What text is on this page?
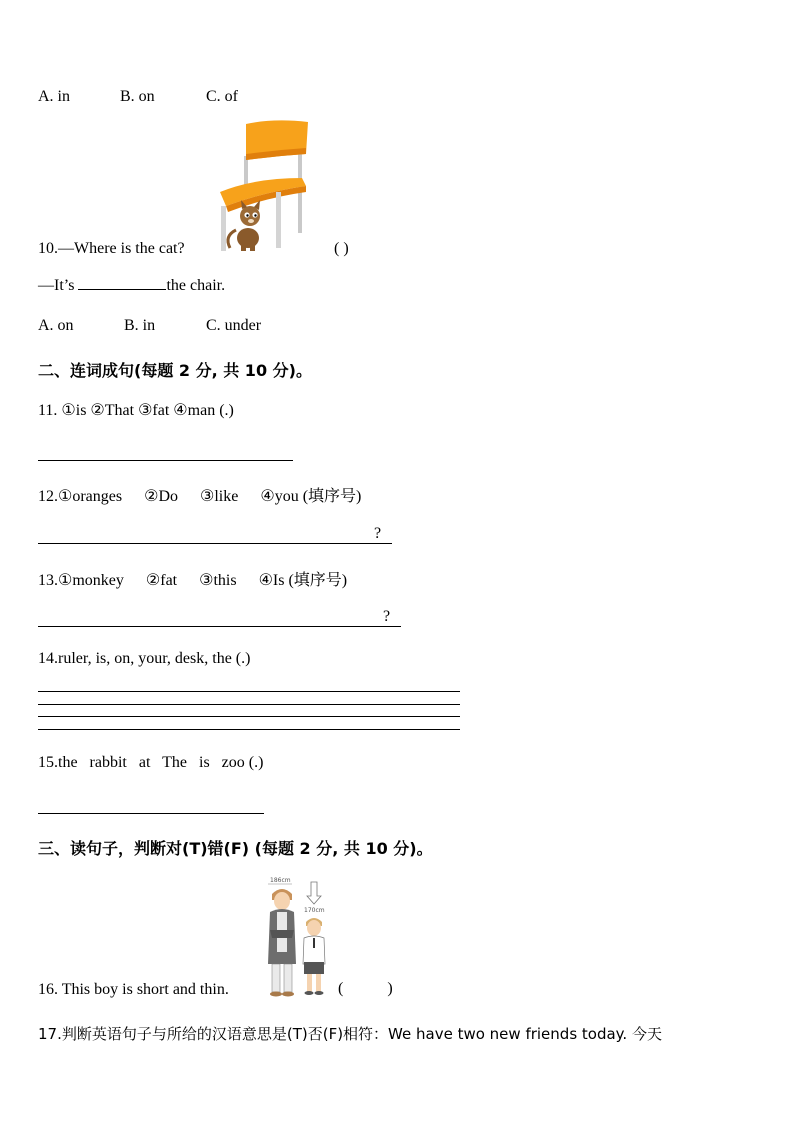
A. in	B. on	C. of
10.—Where is the cat?	( )
—It’s	the chair.
A. on	B. in	C. under
二、连词成句(每题 2 分, 共 10 分)。
11. ①is ②That ③fat ④man (.)
12.①oranges ②Do ③like ④you (填序号)
?
13.①monkey ②fat ③this ④Is (填序号)
?
14.ruler, is, on, your, desk, the (.)
15.the   rabbit   at   The   is   zoo (.)
三、读句子，判断对(T)错(F) (每题 2 分, 共 10 分)。
186cm
170cm
16. This boy is short and thin.	(           )
17.判断英语句子与所给的汉语意思是(T)否(F)相符：We have two new friends today. 今天
